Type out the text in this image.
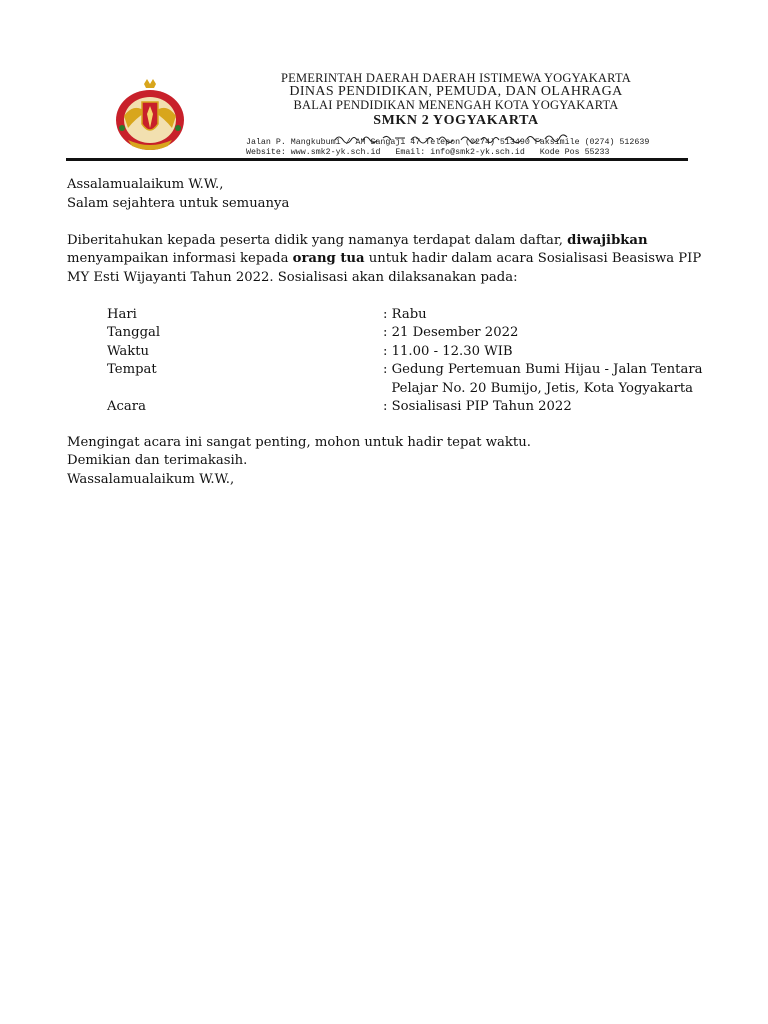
PEMERINTAH DAERAH DAERAH ISTIMEWA YOGYAKARTA
DINAS PENDIDIKAN, PEMUDA, DAN OLAHRAGA
BALAI PENDIDIKAN MENENGAH KOTA YOGYAKARTA
SMKN 2 YOGYAKARTA
Jalan P. Mangkubumi / AM Sangaji 47 Telepon (0274) 513490 Faksimile (0274) 512639
Website: www.smk2-yk.sch.id   Email: info@smk2-yk.sch.id   Kode Pos 55233

Assalamualaikum W.W.,

Salam sejahtera untuk semuanya

Diberitahukan kepada peserta didik yang namanya terdapat dalam daftar, diwajibkan

menyampaikan informasi kepada orang tua untuk hadir dalam acara Sosialisasi Beasiswa PIP

MY Esti Wijayanti Tahun 2022. Sosialisasi akan dilaksanakan pada:

Hari	: Rabu
Tanggal	: 21 Desember 2022
Waktu	: 11.00 - 12.30 WIB
Tempat	: Gedung Pertemuan Bumi Hijau - Jalan Tentara
Pelajar No. 20 Bumijo, Jetis, Kota Yogyakarta
Acara	: Sosialisasi PIP Tahun 2022

Mengingat acara ini sangat penting, mohon untuk hadir tepat waktu.

Demikian dan terimakasih.

Wassalamualaikum W.W.,
